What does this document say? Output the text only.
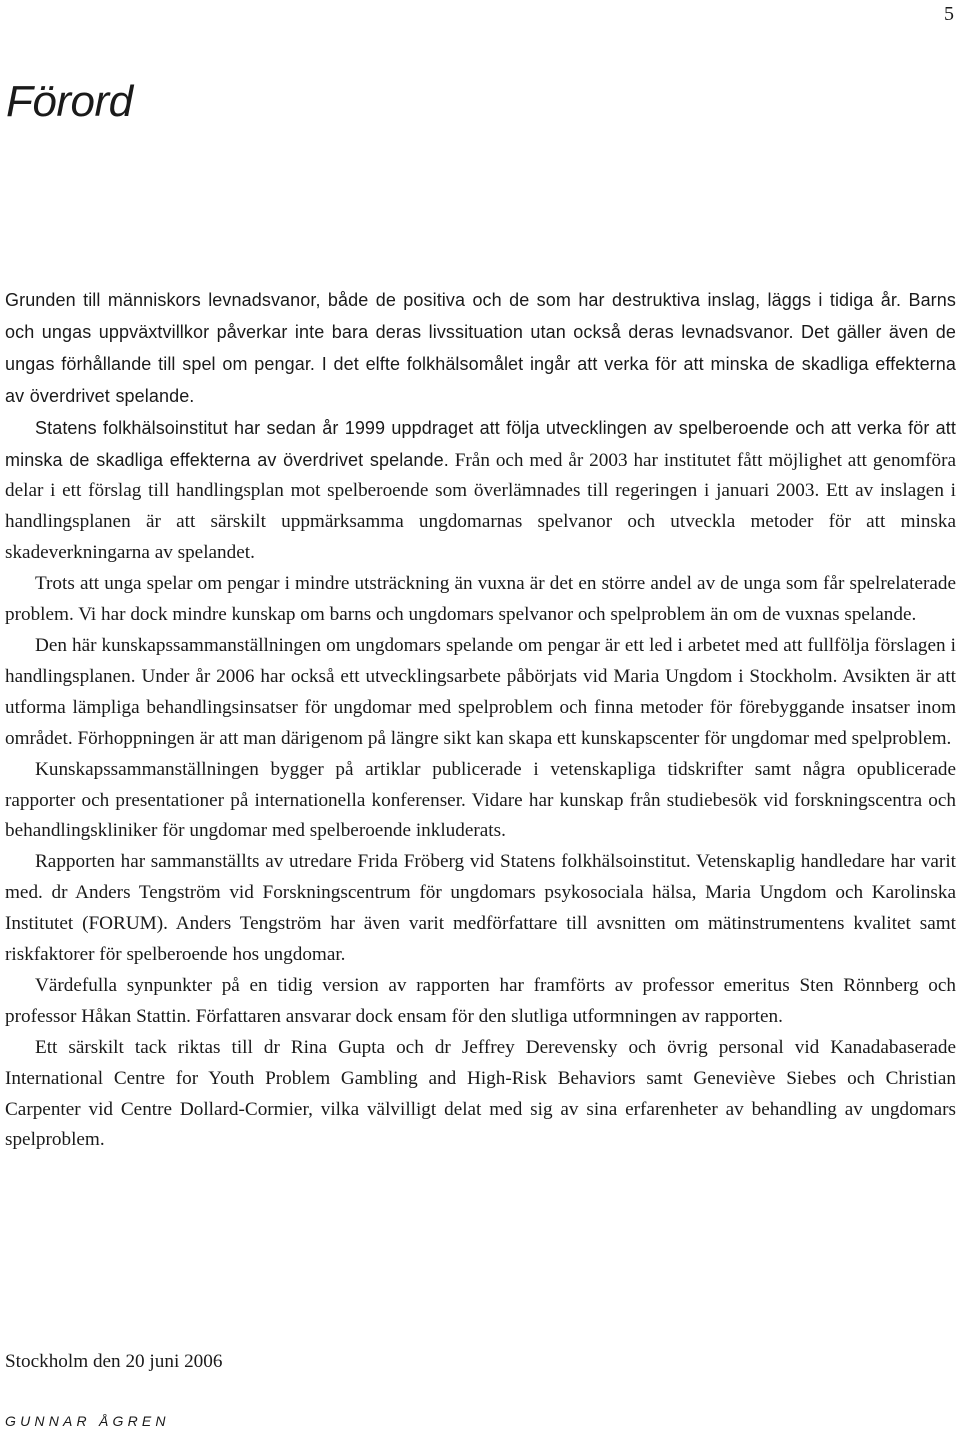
5
Förord

Grunden till människors levnadsvanor, både de positiva och de som har destruktiva inslag, läggs i tidiga år. Barns och ungas uppväxtvillkor påverkar inte bara deras livssituation utan också deras levnadsvanor. Det gäller även de ungas förhållande till spel om pengar. I det elfte folkhälsomålet ingår att verka för att minska de skadliga effekterna av överdrivet spelande.

Statens folkhälsoinstitut har sedan år 1999 uppdraget att följa utvecklingen av spelberoende och att verka för att minska de skadliga effekterna av överdrivet spelande. Från och med år 2003 har institutet fått möjlighet att genomföra delar i ett förslag till handlingsplan mot spelberoende som överlämnades till regeringen i januari 2003. Ett av inslagen i handlingsplanen är att särskilt uppmärksamma ungdomarnas spelvanor och utveckla metoder för att minska skadeverkningarna av spelandet.

Trots att unga spelar om pengar i mindre utsträckning än vuxna är det en större andel av de unga som får spelrelaterade problem. Vi har dock mindre kunskap om barns och ungdomars spelvanor och spelproblem än om de vuxnas spelande.

Den här kunskapssammanställningen om ungdomars spelande om pengar är ett led i arbetet med att fullfölja förslagen i handlingsplanen. Under år 2006 har också ett utvecklingsarbete påbörjats vid Maria Ungdom i Stockholm. Avsikten är att utforma lämpliga behandlingsinsatser för ungdomar med spelproblem och finna metoder för förebyggande insatser inom området. Förhoppningen är att man därigenom på längre sikt kan skapa ett kunskapscenter för ungdomar med spelproblem.

Kunskapssammanställningen bygger på artiklar publicerade i vetenskapliga tidskrifter samt några opublicerade rapporter och presentationer på internationella konferenser. Vidare har kunskap från studiebesök vid forskningscentra och behandlingskliniker för ungdomar med spelberoende inkluderats.

Rapporten har sammanställts av utredare Frida Fröberg vid Statens folkhälsoinstitut. Vetenskaplig handledare har varit med. dr Anders Tengström vid Forskningscentrum för ungdomars psykosociala hälsa, Maria Ungdom och Karolinska Institutet (FORUM). Anders Tengström har även varit medförfattare till avsnitten om mätinstrumentens kvalitet samt riskfaktorer för spelberoende hos ungdomar.

Värdefulla synpunkter på en tidig version av rapporten har framförts av professor emeritus Sten Rönnberg och professor Håkan Stattin. Författaren ansvarar dock ensam för den slutliga utformningen av rapporten.

Ett särskilt tack riktas till dr Rina Gupta och dr Jeffrey Derevensky och övrig personal vid Kanadabaserade International Centre for Youth Problem Gambling and High-Risk Behaviors samt Geneviève Siebes och Christian Carpenter vid Centre Dollard-Cormier, vilka välvilligt delat med sig av sina erfarenheter av behandling av ungdomars spelproblem.

Stockholm den 20 juni 2006

GUNNAR ÅGREN
